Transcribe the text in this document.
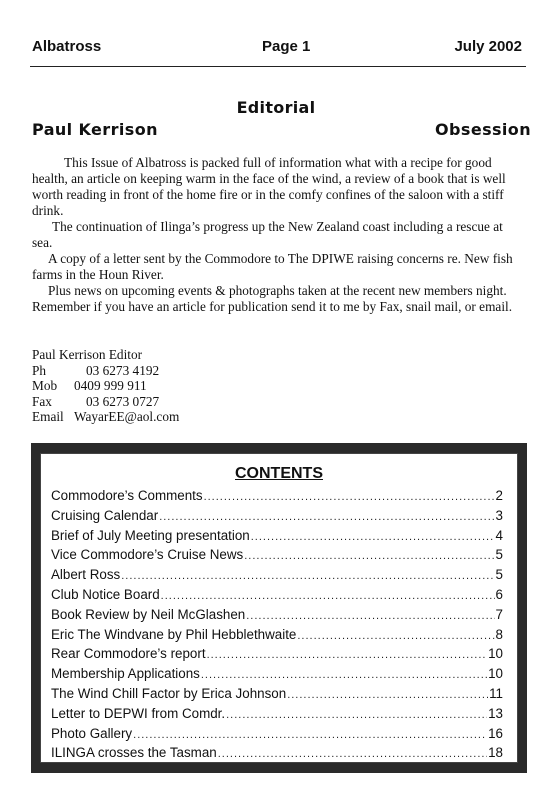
Albatross	Page 1	July 2002
Editorial
Paul Kerrison	Obsession

This Issue of Albatross is packed full of information what with a recipe for good health, an article on keeping warm in the face of the wind, a review of a book that is well worth reading in front of the home fire or in the comfy confines of the saloon with a stiff drink.

The continuation of Ilinga’s progress up the New Zealand coast including a rescue at sea.

A copy of a letter sent by the Commodore to The DPIWE raising concerns re. New fish farms in the Houn River.

Plus news on upcoming events & photographs taken at the recent new members night. Remember if you have an article for publication send it to me by Fax, snail mail, or email.

Paul Kerrison Editor
Ph	03 6273 4192
Mob 0409 999 911
Fax	03 6273 0727
Email WayarEE@aol.com
CONTENTS
Commodore’s Comments .....	2
Cruising Calendar .....	3
Brief of July Meeting presentation .....	4
Vice Commodore’s Cruise News .....	5
Albert Ross .....	5
Club Notice Board .....	6
Book Review by Neil McGlashen .....	7
Eric The Windvane by Phil Hebblethwaite .....	8
Rear Commodore’s report .....	10
Membership Applications .....	10
The Wind Chill Factor by Erica Johnson .....	11
Letter to DEPWI from Comdr. .....	13
Photo Gallery .....	16
ILINGA crosses the Tasman .....	18
